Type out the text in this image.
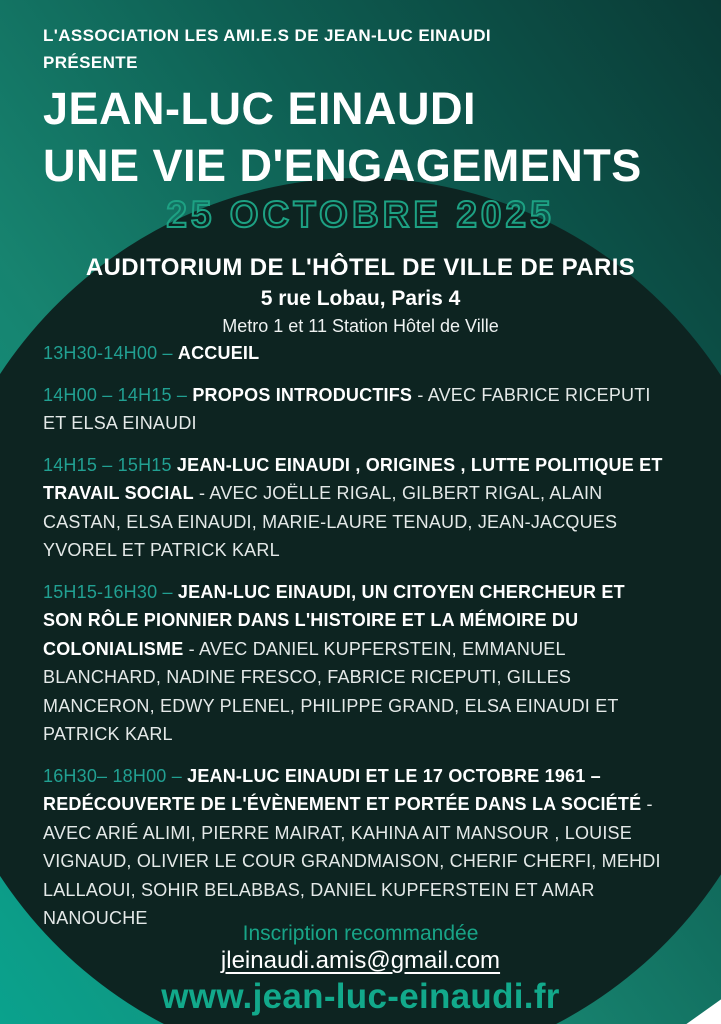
L'ASSOCIATION LES AMI.E.S DE JEAN-LUC EINAUDI
PRÉSENTE
JEAN-LUC EINAUDI
UNE VIE D'ENGAGEMENTS
25 OCTOBRE 2025
AUDITORIUM DE L'HÔTEL DE VILLE DE PARIS
5 rue Lobau, Paris 4
Metro 1 et 11 Station Hôtel de Ville

13H30-14H00 – ACCUEIL

14H00 – 14H15 – PROPOS INTRODUCTIFS - AVEC FABRICE RICEPUTI ET ELSA EINAUDI

14H15 – 15H15 JEAN-LUC EINAUDI , ORIGINES , LUTTE POLITIQUE ET TRAVAIL SOCIAL - AVEC JOËLLE RIGAL, GILBERT RIGAL, ALAIN CASTAN, ELSA EINAUDI, MARIE-LAURE TENAUD, JEAN-JACQUES YVOREL ET PATRICK KARL

15H15-16H30 – JEAN-LUC EINAUDI, UN CITOYEN CHERCHEUR ET SON RÔLE PIONNIER DANS L'HISTOIRE ET LA MÉMOIRE DU COLONIALISME - AVEC DANIEL KUPFERSTEIN, EMMANUEL BLANCHARD, NADINE FRESCO, FABRICE RICEPUTI, GILLES MANCERON, EDWY PLENEL, PHILIPPE GRAND, ELSA EINAUDI ET PATRICK KARL

16H30– 18H00 – JEAN-LUC EINAUDI ET LE 17 OCTOBRE 1961 – REDÉCOUVERTE DE L'ÉVÈNEMENT ET PORTÉE DANS LA SOCIÉTÉ - AVEC ARIÉ ALIMI, PIERRE MAIRAT, KAHINA AIT MANSOUR , LOUISE VIGNAUD, OLIVIER LE COUR GRANDMAISON, CHERIF CHERFI, MEHDI LALLAOUI, SOHIR BELABBAS, DANIEL KUPFERSTEIN ET AMAR NANOUCHE

Inscription recommandée
jleinaudi.amis@gmail.com
www.jean-luc-einaudi.fr
